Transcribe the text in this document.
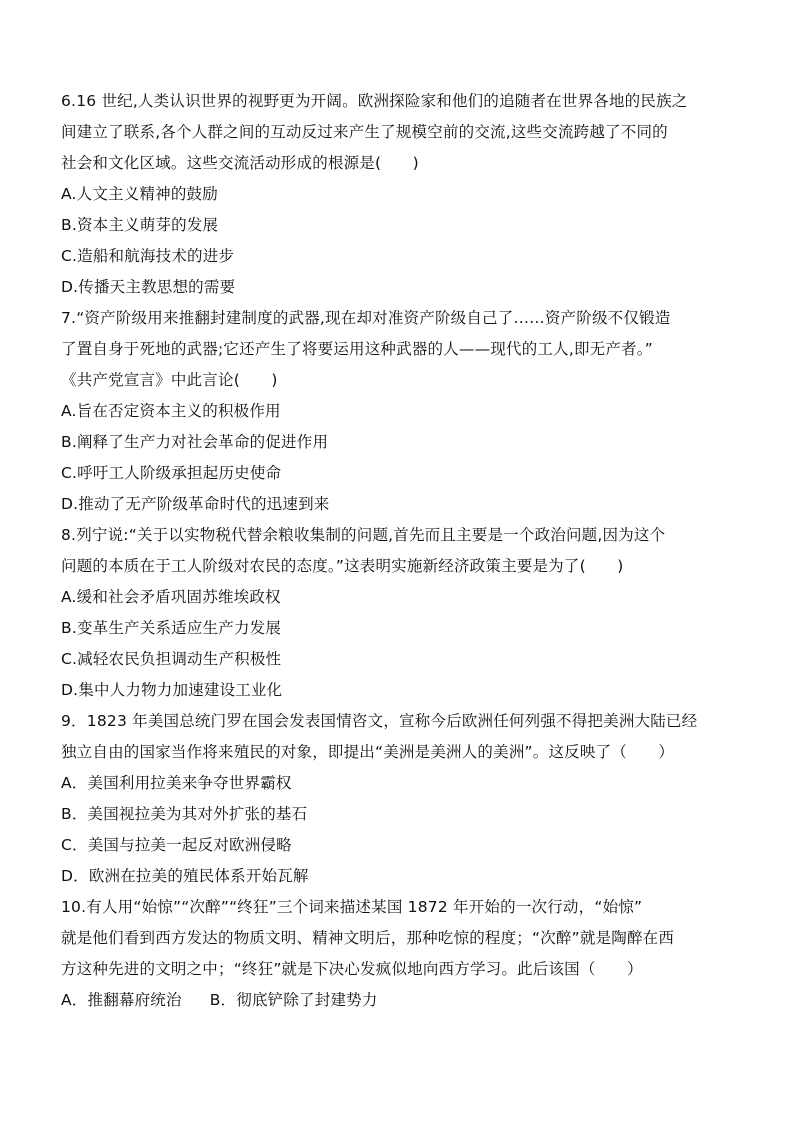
6.16 世纪,人类认识世界的视野更为开阔。欧洲探险家和他们的追随者在世界各地的民族之
间建立了联系,各个人群之间的互动反过来产生了规模空前的交流,这些交流跨越了不同的
社会和文化区域。这些交流活动形成的根源是(　　)
A.人文主义精神的鼓励
B.资本主义萌芽的发展
C.造船和航海技术的进步
D.传播天主教思想的需要
7.“资产阶级用来推翻封建制度的武器,现在却对准资产阶级自己了……资产阶级不仅锻造
了置自身于死地的武器;它还产生了将要运用这种武器的人——现代的工人,即无产者。”
《共产党宣言》中此言论(　　)
A.旨在否定资本主义的积极作用
B.阐释了生产力对社会革命的促进作用
C.呼吁工人阶级承担起历史使命
D.推动了无产阶级革命时代的迅速到来
8.列宁说:“关于以实物税代替余粮收集制的问题,首先而且主要是一个政治问题,因为这个
问题的本质在于工人阶级对农民的态度。”这表明实施新经济政策主要是为了(　　)
A.缓和社会矛盾巩固苏维埃政权
B.变革生产关系适应生产力发展
C.减轻农民负担调动生产积极性
D.集中人力物力加速建设工业化
9．1823 年美国总统门罗在国会发表国情咨文，宣称今后欧洲任何列强不得把美洲大陆已经
独立自由的国家当作将来殖民的对象，即提出“美洲是美洲人的美洲”。这反映了（　　）
A．美国利用拉美来争夺世界霸权
B．美国视拉美为其对外扩张的基石
C．美国与拉美一起反对欧洲侵略
D．欧洲在拉美的殖民体系开始瓦解
10.有人用“始惊”“次醉”“终狂”三个词来描述某国 1872 年开始的一次行动，“始惊”
就是他们看到西方发达的物质文明、精神文明后，那种吃惊的程度；“次醉”就是陶醉在西
方这种先进的文明之中；“终狂”就是下决心发疯似地向西方学习。此后该国（　　）
A．推翻幕府统治 B．彻底铲除了封建势力
